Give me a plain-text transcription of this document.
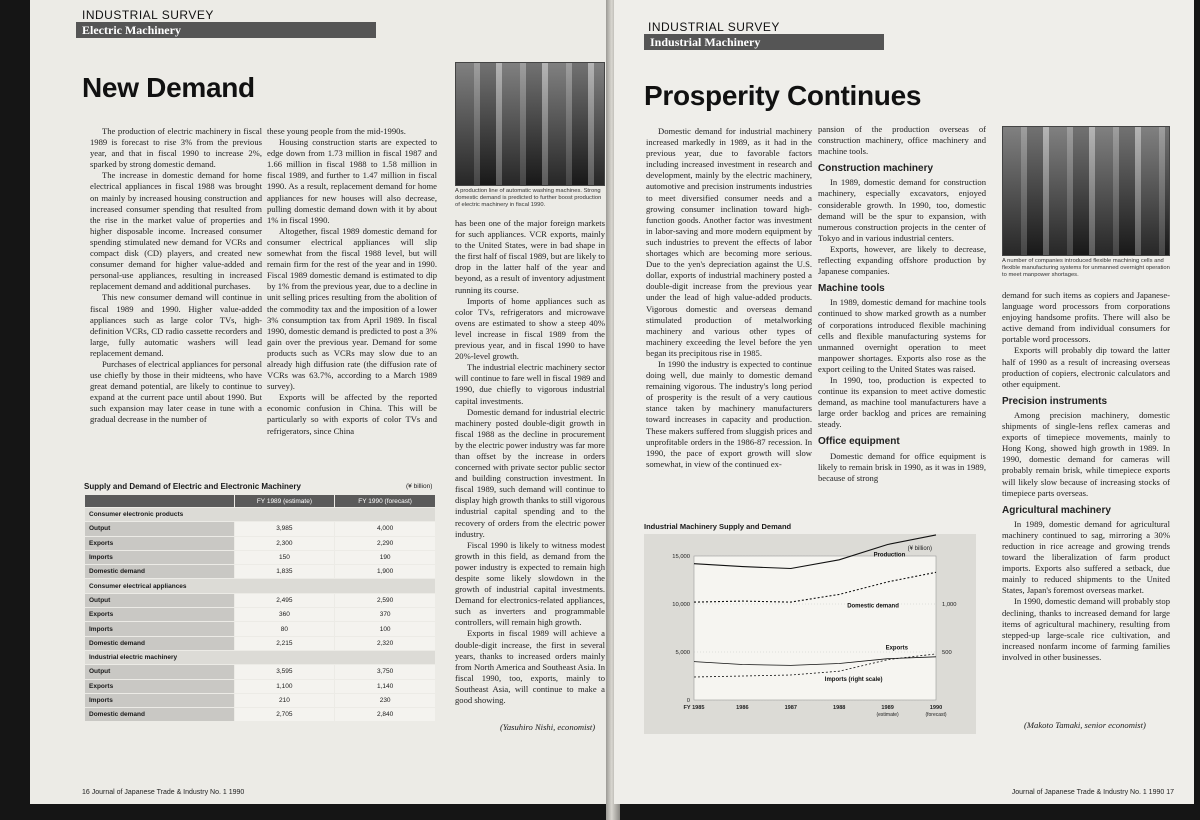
INDUSTRIAL SURVEY
Electric Machinery
New Demand

The production of electric machinery in fiscal 1989 is forecast to rise 3% from the previous year, and that in fiscal 1990 to increase 2%, sparked by strong domestic demand.

The increase in domestic demand for home electrical appliances in fiscal 1988 was brought on mainly by increased housing construction and increased consumer spending that resulted from the rise in the market value of properties and higher disposable income. Increased consumer spending stimulated new demand for VCRs and compact disk (CD) players, and created new consumer demand for higher value-added and personal-use appliances, resulting in increased replacement demand and additional purchases.

This new consumer demand will continue in fiscal 1989 and 1990. Higher value-added appliances such as large color TVs, high-definition VCRs, CD radio cassette recorders and large, fully automatic washers will lead replacement demand.

Purchases of electrical appliances for personal use chiefly by those in their midteens, who have great demand potential, are likely to continue to expand at the current pace until about 1990. But such expansion may later cease in tune with a gradual decrease in the number of

these young people from the mid-1990s.

Housing construction starts are expected to edge down from 1.73 million in fiscal 1987 and 1.66 million in fiscal 1988 to 1.58 million in fiscal 1989, and further to 1.47 million in fiscal 1990. As a result, replacement demand for home appliances for new houses will also decrease, pulling domestic demand down with it by about 1% in fiscal 1990.

Altogether, fiscal 1989 domestic demand for consumer electrical appliances will slip somewhat from the fiscal 1988 level, but will remain firm for the rest of the year and in 1990. Fiscal 1989 domestic demand is estimated to dip by 1% from the previous year, due to a decline in unit selling prices resulting from the abolition of the commodity tax and the imposition of a lower 3% consumption tax from April 1989. In fiscal 1990, domestic demand is predicted to post a 3% gain over the previous year. Demand for some products such as VCRs may slow due to an already high diffusion rate (the diffusion rate of VCRs was 63.7%, according to a March 1989 survey).

Exports will be affected by the reported economic confusion in China. This will be particularly so with exports of color TVs and refrigerators, since China

A production line of automatic washing machines. Strong domestic demand is predicted to further boost production of electric machinery in fiscal 1990.

has been one of the major foreign markets for such appliances. VCR exports, mainly to the United States, were in bad shape in the first half of fiscal 1989, but are likely to drop in the latter half of the year and beyond, as a result of inventory adjustment running its course.

Imports of home appliances such as color TVs, refrigerators and microwave ovens are estimated to show a steep 40% level increase in fiscal 1989 from the previous year, and in fiscal 1990 to have 20%-level growth.

The industrial electric machinery sector will continue to fare well in fiscal 1989 and 1990, due chiefly to vigorous industrial capital investments.

Domestic demand for industrial electric machinery posted double-digit growth in fiscal 1988 as the decline in procurement by the electric power industry was far more than offset by the increase in orders concerned with private sector public sector and building construction investment. In fiscal 1989, such demand will continue to display high growth thanks to still vigorous industrial capital spending and to the recovery of orders from the electric power industry.

Fiscal 1990 is likely to witness modest growth in this field, as demand from the power industry is expected to remain high despite some likely slowdown in the growth of industrial capital investments. Demand for electronics-related appliances, such as inverters and programmable controllers, will remain high growth.

Exports in fiscal 1989 will achieve a double-digit increase, the first in several years, thanks to increased orders mainly from North America and Southeast Asia. In fiscal 1990, too, exports, mainly to Southeast Asia, will continue to make a good showing.

(Yasuhiro Nishi, economist)
Supply and Demand of Electric and Electronic Machinery	(¥ billion)
	FY 1989 (estimate)	FY 1990 (forecast)
Consumer electronic products		
Output	3,985	4,000
Exports	2,300	2,290
Imports	150	190
Domestic demand	1,835	1,900
Consumer electrical appliances		
Output	2,495	2,590
Exports	360	370
Imports	80	100
Domestic demand	2,215	2,320
Industrial electric machinery		
Output	3,595	3,750
Exports	1,100	1,140
Imports	210	230
Domestic demand	2,705	2,840
16 Journal of Japanese Trade & Industry No. 1 1990
INDUSTRIAL SURVEY
Industrial Machinery
Prosperity Continues

Domestic demand for industrial machinery increased markedly in 1989, as it had in the previous year, due to favorable factors including increased investment in research and development, mainly by the electric machinery, automotive and precision instruments industries to meet diversified consumer needs and a growing consumer inclination toward high-function goods. Another factor was investment in labor-saving and more modern equipment by such industries to prevent the effects of labor shortages which are becoming more serious. Due to the yen's depreciation against the U.S. dollar, exports of industrial machinery posted a double-digit increase from the previous year under the lead of high value-added products. Vigorous domestic and overseas demand stimulated production of metalworking machinery and various other types of machinery exceeding the level before the yen began its precipitous rise in 1985.

In 1990 the industry is expected to continue doing well, due mainly to domestic demand remaining vigorous. The industry's long period of prosperity is the result of a very cautious stance taken by machinery manufacturers toward increases in capacity and production. These makers suffered from sluggish prices and unprofitable orders in the 1986-87 recession. In 1990, the pace of export growth will slow somewhat, in view of the continued ex-

pansion of the production overseas of construction machinery, office machinery and machine tools.

Construction machinery

In 1989, domestic demand for construction machinery, especially excavators, enjoyed considerable growth. In 1990, too, domestic demand will be the spur to expansion, with numerous construction projects in the center of Tokyo and in various industrial centers.

Exports, however, are likely to decrease, reflecting expanding offshore production by Japanese companies.

Machine tools

In 1989, domestic demand for machine tools continued to show marked growth as a number of corporations introduced flexible machining cells and flexible manufacturing systems for unmanned overnight operation to meet manpower shortages. Exports also rose as the export ceiling to the United States was raised.

In 1990, too, production is expected to continue its expansion to meet active domestic demand, as machine tool manufacturers have a large order backlog and prices are remaining steady.

Office equipment

Domestic demand for office equipment is likely to remain brisk in 1990, as it was in 1989, because of strong

A number of companies introduced flexible machining cells and flexible manufacturing systems for unmanned overnight operation to meet manpower shortages.

demand for such items as copiers and Japanese-language word processors from corporations enjoying handsome profits. There will also be active demand from individual consumers for portable word processors.

Exports will probably dip toward the latter half of 1990 as a result of increasing overseas production of copiers, electronic calculators and other equipment.

Precision instruments

Among precision machinery, domestic shipments of single-lens reflex cameras and exports of timepiece movements, mainly to Hong Kong, showed high growth in 1989. In 1990, domestic demand for cameras will probably remain brisk, while timepiece exports will likely slow because of increasing stocks of timepiece parts overseas.

Agricultural machinery

In 1989, domestic demand for agricultural machinery continued to sag, mirroring a 30% reduction in rice acreage and growing trends toward the liberalization of farm product imports. Exports also suffered a setback, due mainly to reduced shipments to the United States, Japan's foremost overseas market.

In 1990, domestic demand will probably stop declining, thanks to increased demand for large items of agricultural machinery, resulting from stepped-up large-scale rice cultivation, and increased nonfarm income of farming families involved in other businesses.

(Makoto Tamaki, senior economist)
Industrial Machinery Supply and Demand
(¥ billion)
15,000
10,000
5,000
0
1,000
500
FY 1985	1986	1987	1988	1989
(estimate)
1990
(forecast)
Production
Domestic demand
Exports
Imports (right scale)
Journal of Japanese Trade & Industry No. 1 1990 17
